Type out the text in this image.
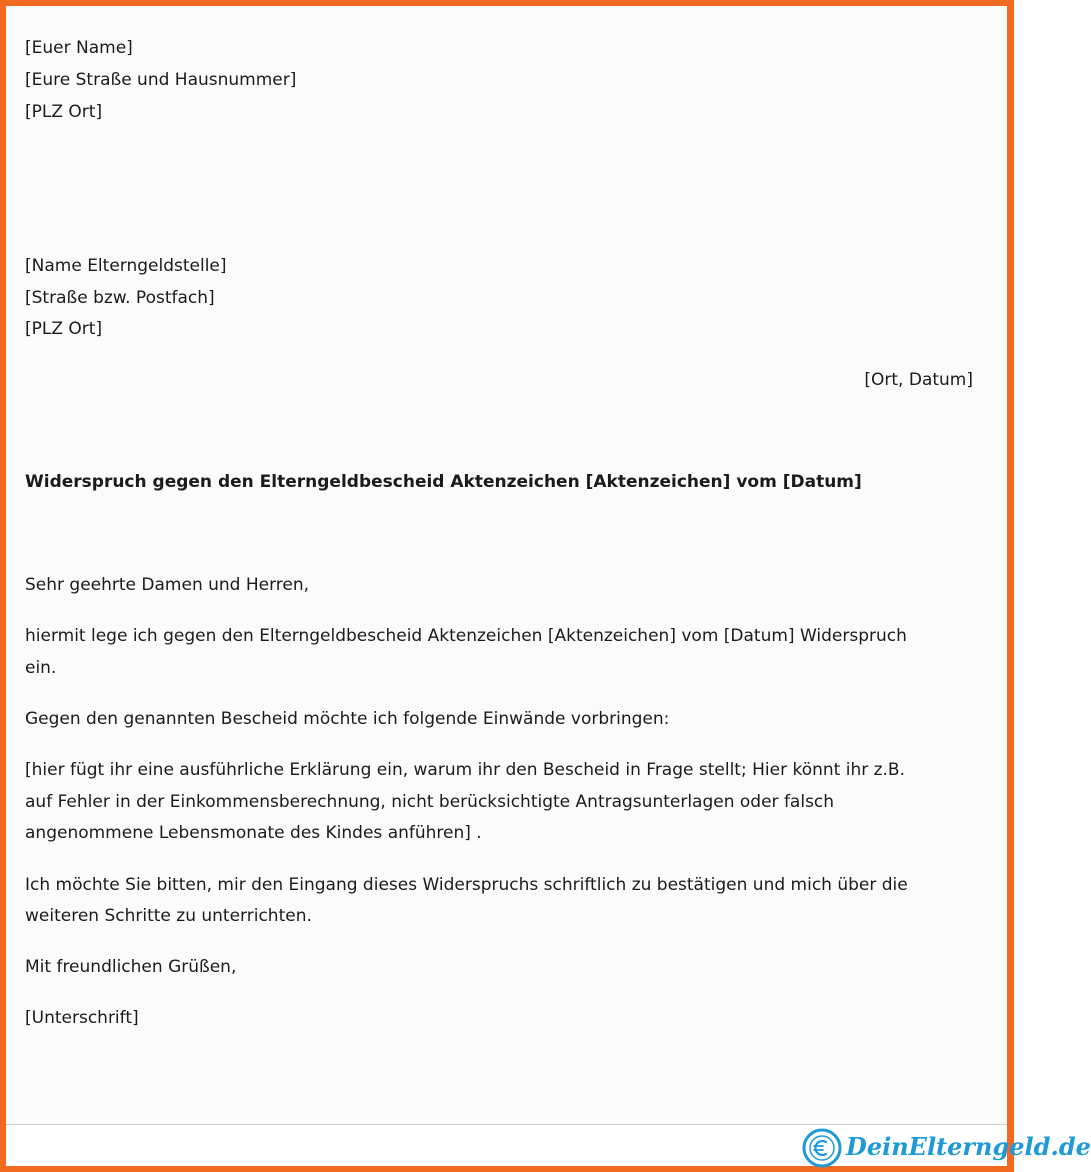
[Euer Name]
[Eure Straße und Hausnummer]
[PLZ Ort]
[Name Elterngeldstelle]
[Straße bzw. Postfach]
[PLZ Ort]
[Ort, Datum]
Widerspruch gegen den Elterngeldbescheid Aktenzeichen [Aktenzeichen] vom [Datum]
Sehr geehrte Damen und Herren,
hiermit lege ich gegen den Elterngeldbescheid Aktenzeichen [Aktenzeichen] vom [Datum] Widerspruch
ein.
Gegen den genannten Bescheid möchte ich folgende Einwände vorbringen:
[hier fügt ihr eine ausführliche Erklärung ein, warum ihr den Bescheid in Frage stellt; Hier könnt ihr z.B.
auf Fehler in der Einkommensberechnung, nicht berücksichtigte Antragsunterlagen oder falsch
angenommene Lebensmonate des Kindes anführen] .
Ich möchte Sie bitten, mir den Eingang dieses Widerspruchs schriftlich zu bestätigen und mich über die
weiteren Schritte zu unterrichten.
Mit freundlichen Grüßen,
[Unterschrift]
DeinElterngeld.de
